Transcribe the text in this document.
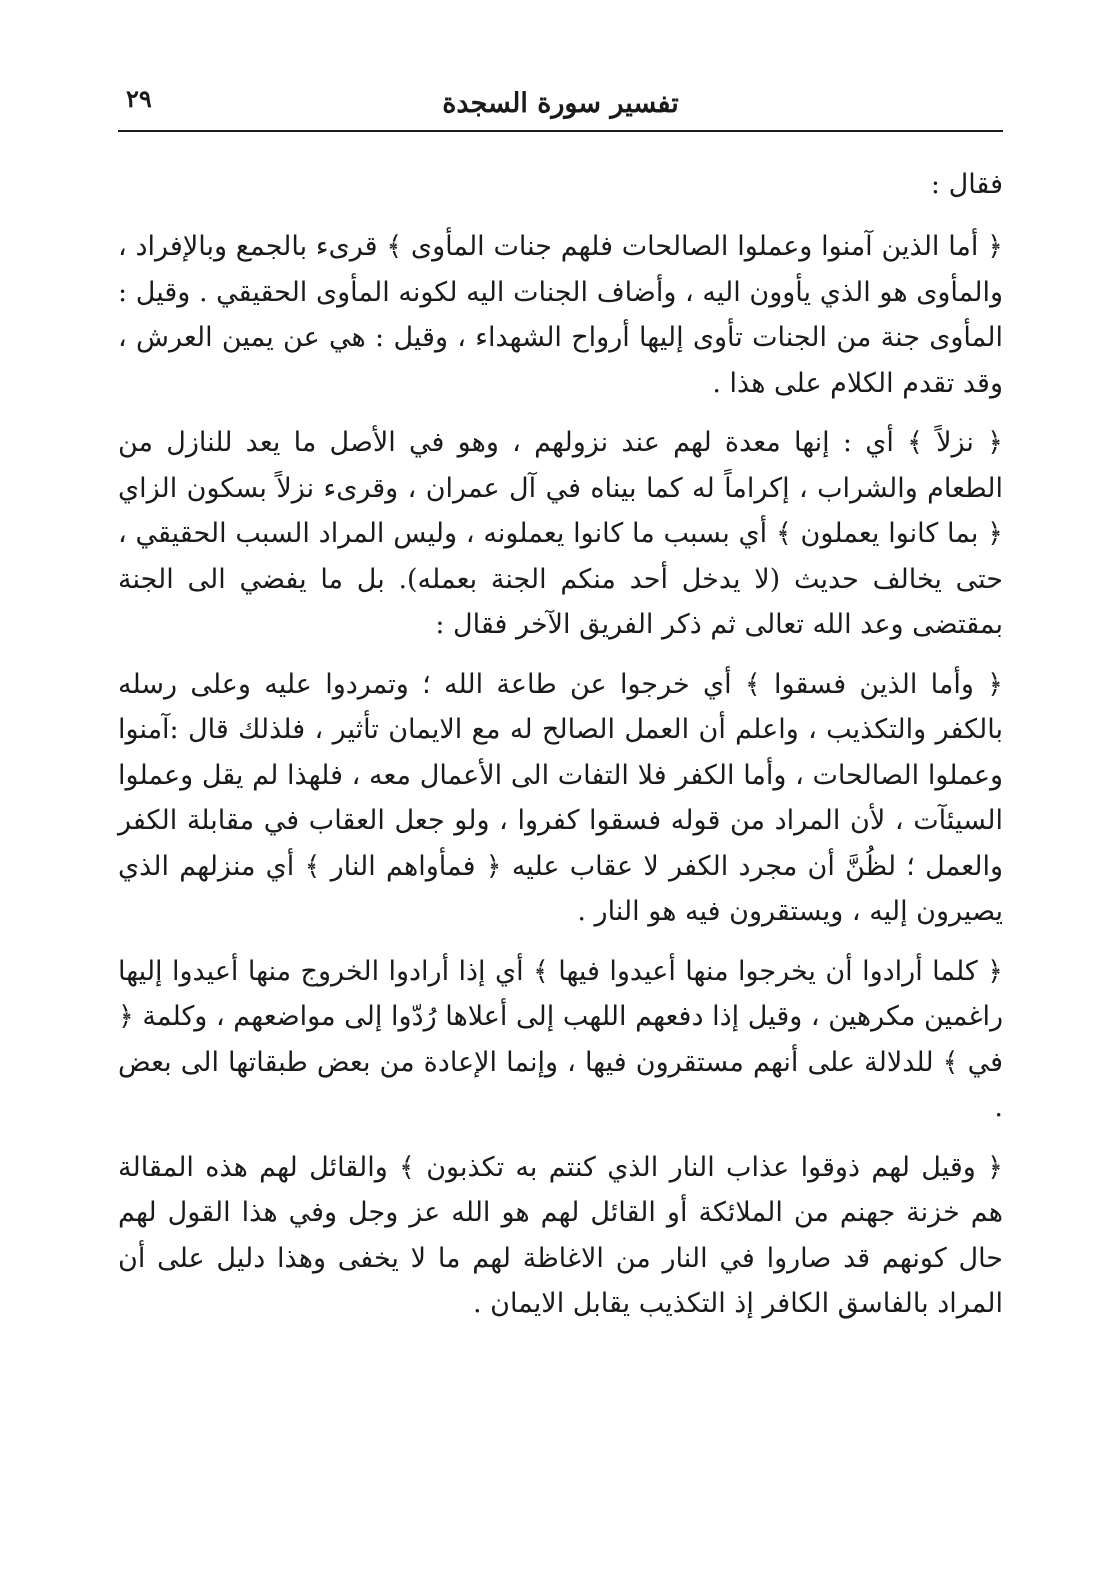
٢٩	تفسير سورة السجدة

فقال :

﴿ أما الذين آمنوا وعملوا الصالحات فلهم جنات المأوى ﴾ قرىء بالجمع وبالإفراد ، والمأوى هو الذي يأوون اليه ، وأضاف الجنات اليه لكونه المأوى الحقيقي . وقيل : المأوى جنة من الجنات تأوى إليها أرواح الشهداء ، وقيل : هي عن يمين العرش ، وقد تقدم الكلام على هذا .

﴿ نزلاً ﴾ أي : إنها معدة لهم عند نزولهم ، وهو في الأصل ما يعد للنازل من الطعام والشراب ، إكراماً له كما بيناه في آل عمران ، وقرىء نزلاً بسكون الزاي ﴿ بما كانوا يعملون ﴾ أي بسبب ما كانوا يعملونه ، وليس المراد السبب الحقيقي ، حتى يخالف حديث (لا يدخل أحد منكم الجنة بعمله). بل ما يفضي الى الجنة بمقتضى وعد الله تعالى ثم ذكر الفريق الآخر فقال :

﴿ وأما الذين فسقوا ﴾ أي خرجوا عن طاعة الله ؛ وتمردوا عليه وعلى رسله بالكفر والتكذيب ، واعلم أن العمل الصالح له مع الايمان تأثير ، فلذلك قال :آمنوا وعملوا الصالحات ، وأما الكفر فلا التفات الى الأعمال معه ، فلهذا لم يقل وعملوا السيئآت ، لأن المراد من قوله فسقوا كفروا ، ولو جعل العقاب في مقابلة الكفر والعمل ؛ لظُنَّ أن مجرد الكفر لا عقاب عليه ﴿ فمأواهم النار ﴾ أي منزلهم الذي يصيرون إليه ، ويستقرون فيه هو النار .

﴿ كلما أرادوا أن يخرجوا منها أعيدوا فيها ﴾ أي إذا أرادوا الخروج منها أعيدوا إليها راغمين مكرهين ، وقيل إذا دفعهم اللهب إلى أعلاها رُدّوا إلى مواضعهم ، وكلمة ﴿ في ﴾ للدلالة على أنهم مستقرون فيها ، وإنما الإعادة من بعض طبقاتها الى بعض .

﴿ وقيل لهم ذوقوا عذاب النار الذي كنتم به تكذبون ﴾ والقائل لهم هذه المقالة هم خزنة جهنم من الملائكة أو القائل لهم هو الله عز وجل وفي هذا القول لهم حال كونهم قد صاروا في النار من الاغاظة لهم ما لا يخفى وهذا دليل على أن المراد بالفاسق الكافر إذ التكذيب يقابل الايمان .
